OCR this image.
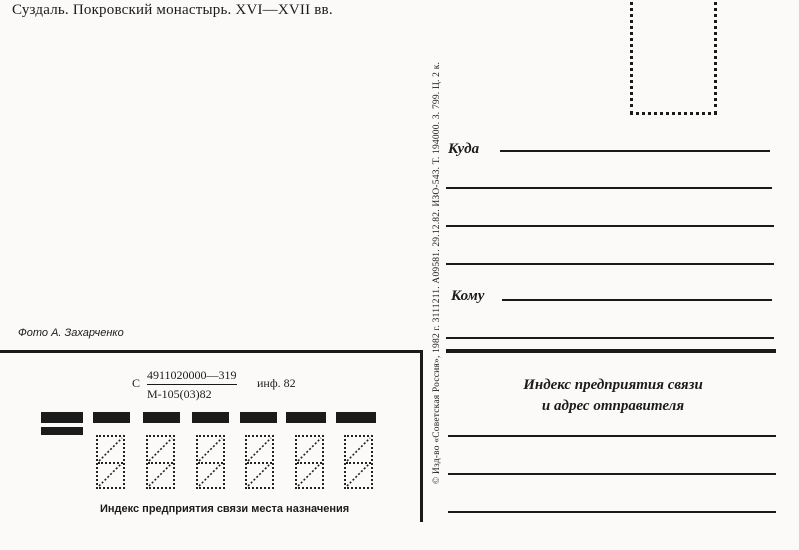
Суздаль. Покровский монастырь. XVI—XVII вв.
Фото А. Захарченко
С
4911020000—319
М-105(03)82
инф. 82
Индекс предприятия связи места назначения
© Изд-во «Советская Россия», 1982 г. 3111211. А09581. 29.12.82. ИЗО-543. Т. 194000. З. 799. Ц. 2 к. Куда
Кому
Индекс предприятия связи
и адрес отправителя
